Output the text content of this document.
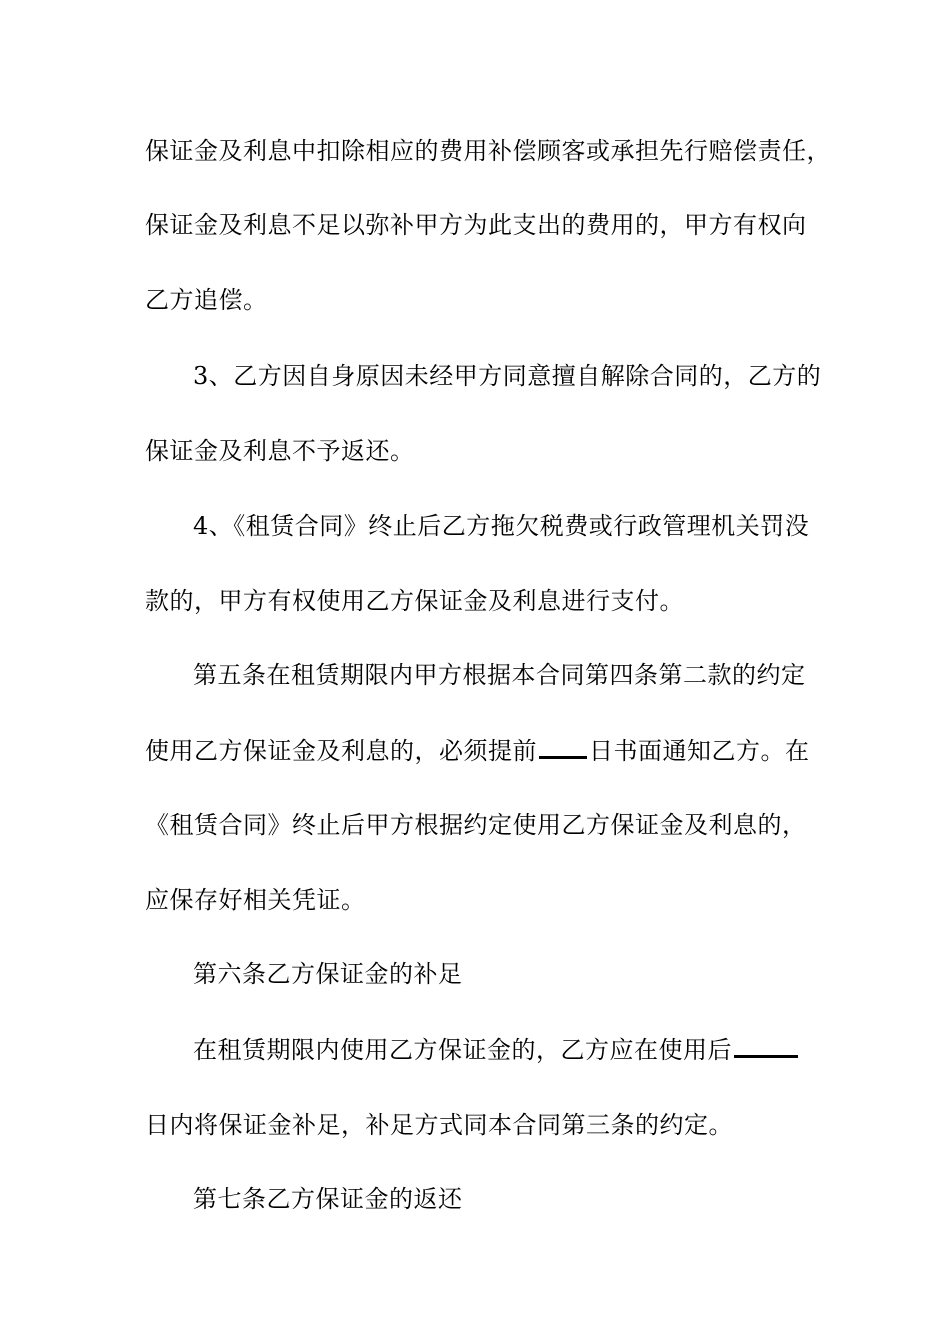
保证金及利息中扣除相应的费用补偿顾客或承担先行赔偿责任，
保证金及利息不足以弥补甲方为此支出的费用的，甲方有权向
乙方追偿。
3、乙方因自身原因未经甲方同意擅自解除合同的，乙方的
保证金及利息不予返还。
4、《租赁合同》终止后乙方拖欠税费或行政管理机关罚没
款的，甲方有权使用乙方保证金及利息进行支付。
第五条在租赁期限内甲方根据本合同第四条第二款的约定
使用乙方保证金及利息的，必须提前 日书面通知乙方。在
《租赁合同》终止后甲方根据约定使用乙方保证金及利息的，
应保存好相关凭证。
第六条乙方保证金的补足
在租赁期限内使用乙方保证金的，乙方应在使用后
日内将保证金补足，补足方式同本合同第三条的约定。
第七条乙方保证金的返还
